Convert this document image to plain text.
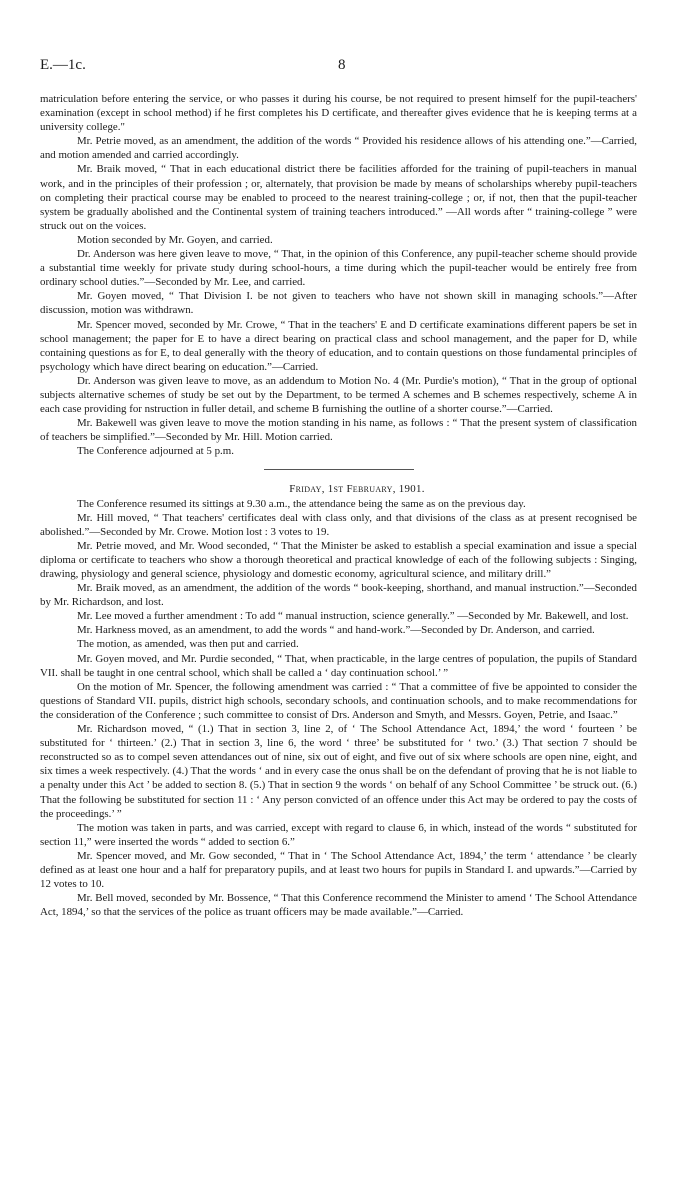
E.—1c.	8

matriculation before entering the service, or who passes it during his course, be not required to present himself for the pupil-teachers' examination (except in school method) if he first completes his D certificate, and thereafter gives evidence that he is keeping terms at a university college."

Mr. Petrie moved, as an amendment, the addition of the words “ Provided his residence allows of his attending one.”—Carried, and motion amended and carried accordingly.

Mr. Braik moved, “ That in each educational district there be facilities afforded for the training of pupil-teachers in manual work, and in the principles of their profession ; or, alternately, that provision be made by means of scholarships whereby pupil-teachers on completing their practical course may be enabled to proceed to the nearest training-college ; or, if not, then that the pupil-teacher system be gradually abolished and the Continental system of training teachers introduced.” —All words after “ training-college ” were struck out on the voices.

Motion seconded by Mr. Goyen, and carried.

Dr. Anderson was here given leave to move, “ That, in the opinion of this Conference, any pupil-teacher scheme should provide a substantial time weekly for private study during school-hours, a time during which the pupil-teacher would be entirely free from ordinary school duties.”—Seconded by Mr. Lee, and carried.

Mr. Goyen moved, “ That Division I. be not given to teachers who have not shown skill in managing schools.”—After discussion, motion was withdrawn.

Mr. Spencer moved, seconded by Mr. Crowe, “ That in the teachers' E and D certificate examinations different papers be set in school management; the paper for E to have a direct bearing on practical class and school management, and the paper for D, while containing questions as for E, to deal generally with the theory of education, and to contain questions on those fundamental principles of psychology which have direct bearing on education.”—Carried.

Dr. Anderson was given leave to move, as an addendum to Motion No. 4 (Mr. Purdie's motion), “ That in the group of optional subjects alternative schemes of study be set out by the Department, to be termed A schemes and B schemes respectively, scheme A in each case providing for nstruction in fuller detail, and scheme B furnishing the outline of a shorter course.”—Carried.

Mr. Bakewell was given leave to move the motion standing in his name, as follows : “ That the present system of classification of teachers be simplified.”—Seconded by Mr. Hill. Motion carried.

The Conference adjourned at 5 p.m.

Friday, 1st February, 1901.

The Conference resumed its sittings at 9.30 a.m., the attendance being the same as on the previous day.

Mr. Hill moved, “ That teachers' certificates deal with class only, and that divisions of the class as at present recognised be abolished.”—Seconded by Mr. Crowe. Motion lost : 3 votes to 19.

Mr. Petrie moved, and Mr. Wood seconded, “ That the Minister be asked to establish a special examination and issue a special diploma or certificate to teachers who show a thorough theoretical and practical knowledge of each of the following subjects : Singing, drawing, physiology and general science, physiology and domestic economy, agricultural science, and military drill.”

Mr. Braik moved, as an amendment, the addition of the words “ book-keeping, shorthand, and manual instruction.”—Seconded by Mr. Richardson, and lost.

Mr. Lee moved a further amendment : To add “ manual instruction, science generally.” —Seconded by Mr. Bakewell, and lost.

Mr. Harkness moved, as an amendment, to add the words “ and hand-work.”—Seconded by Dr. Anderson, and carried.

The motion, as amended, was then put and carried.

Mr. Goyen moved, and Mr. Purdie seconded, “ That, when practicable, in the large centres of population, the pupils of Standard VII. shall be taught in one central school, which shall be called a ‘ day continuation school.’ ”

On the motion of Mr. Spencer, the following amendment was carried : “ That a committee of five be appointed to consider the questions of Standard VII. pupils, district high schools, secondary schools, and continuation schools, and to make recommendations for the consideration of the Conference ; such committee to consist of Drs. Anderson and Smyth, and Messrs. Goyen, Petrie, and Isaac.”

Mr. Richardson moved, “ (1.) That in section 3, line 2, of ‘ The School Attendance Act, 1894,’ the word ‘ fourteen ’ be substituted for ‘ thirteen.’ (2.) That in section 3, line 6, the word ‘ three’ be substituted for ‘ two.’ (3.) That section 7 should be reconstructed so as to compel seven attendances out of nine, six out of eight, and five out of six where schools are open nine, eight, and six times a week respectively. (4.) That the words ‘ and in every case the onus shall be on the defendant of proving that he is not liable to a penalty under this Act ’ be added to section 8. (5.) That in section 9 the words ‘ on behalf of any School Committee ’ be struck out. (6.) That the following be substituted for section 11 : ‘ Any person convicted of an offence under this Act may be ordered to pay the costs of the proceedings.’ ”

The motion was taken in parts, and was carried, except with regard to clause 6, in which, instead of the words “ substituted for section 11,” were inserted the words “ added to section 6.”

Mr. Spencer moved, and Mr. Gow seconded, “ That in ‘ The School Attendance Act, 1894,’ the term ‘ attendance ’ be clearly defined as at least one hour and a half for preparatory pupils, and at least two hours for pupils in Standard I. and upwards.”—Carried by 12 votes to 10.

Mr. Bell moved, seconded by Mr. Bossence, “ That this Conference recommend the Minister to amend ‘ The School Attendance Act, 1894,’ so that the services of the police as truant officers may be made available.”—Carried.
